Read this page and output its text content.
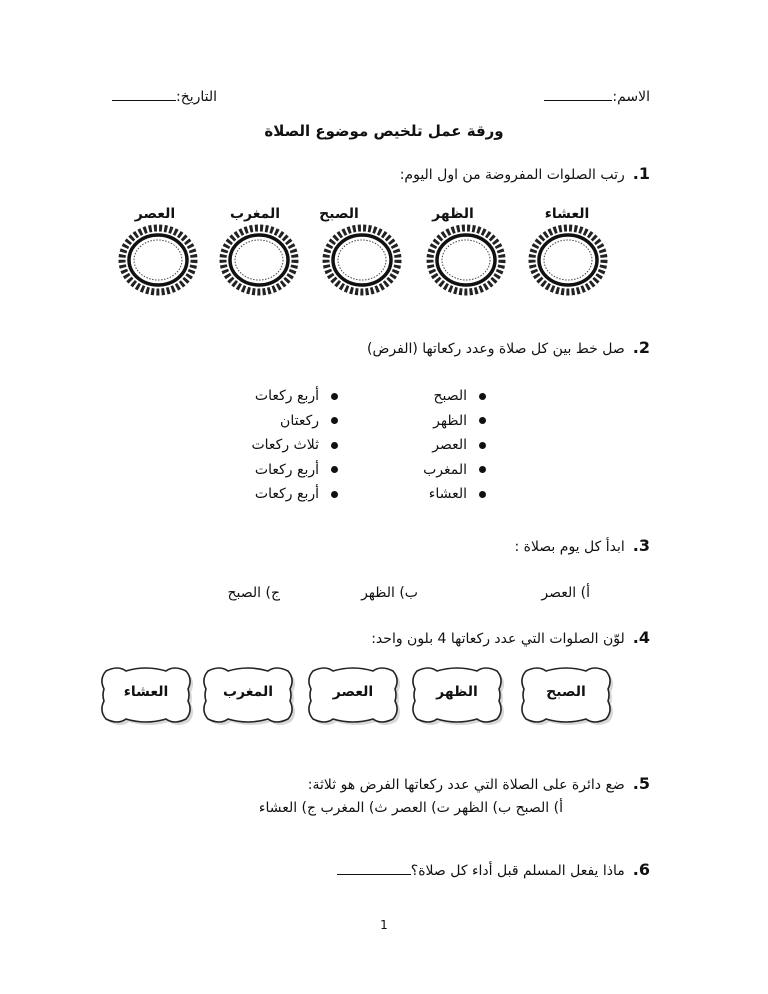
الاسم:
التاريخ:
ورقة عمل تلخيص موضوع الصلاة
1.رتب الصلوات المفروضة من اول اليوم:
العشاء
الظهر
الصبح
المغرب
العصر
2.صل خط بين كل صلاة وعدد ركعاتها (الفرض)
الصبح
الظهر
العصر
المغرب
العشاء
أربع ركعات
ركعتان
ثلاث ركعات
أربع ركعات
أربع ركعات
3.ابدأ كل يوم بصلاة :
أ) العصر
ب) الظهر
ج) الصبح
4.لوّن الصلوات التي عدد ركعاتها 4 بلون واحد:
الصبح
الظهر
العصر
المغرب
العشاء
5.ضع دائرة على الصلاة التي عدد ركعاتها الفرض هو ثلاثة:
أ) الصبح ب) الظهر ت) العصر ث) المغرب ج) العشاء
6.ماذا يفعل المسلم قبل أداء كل صلاة؟
1
